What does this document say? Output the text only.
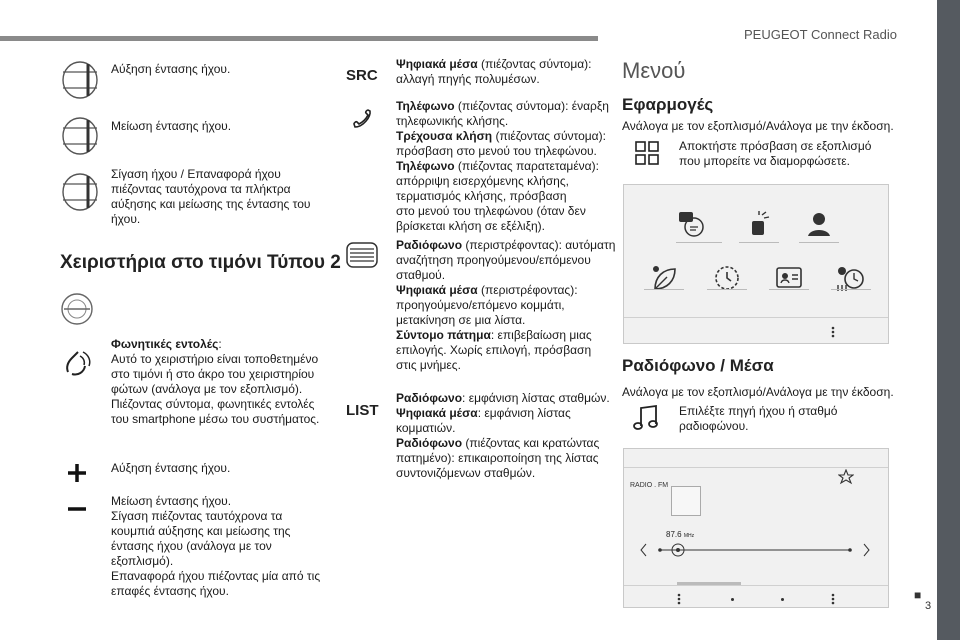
PEUGEOT Connect Radio
Αύξηση έντασης ήχου.
Μείωση έντασης ήχου.
Σίγαση ήχου / Επαναφορά ήχου
πιέζοντας ταυτόχρονα τα πλήκτρα
αύξησης και μείωσης της έντασης του
ήχου.
Χειριστήρια στο τιμόνι Τύπου 2
Φωνητικές εντολές:
Αυτό το χειριστήριο είναι τοποθετημένο
στο τιμόνι ή στο άκρο του χειριστηρίου
φώτων (ανάλογα με τον εξοπλισμό).
Πιέζοντας σύντομα, φωνητικές εντολές
του smartphone μέσω του συστήματος.
Αύξηση έντασης ήχου.
Μείωση έντασης ήχου.
Σίγαση πιέζοντας ταυτόχρονα τα
κουμπιά αύξησης και μείωσης της
έντασης ήχου (ανάλογα με τον
εξοπλισμό).
Επαναφορά ήχου πιέζοντας μία από τις
επαφές έντασης ήχου.
SRC
Ψηφιακά μέσα (πιέζοντας σύντομα):
αλλαγή πηγής πολυμέσων.
Τηλέφωνο (πιέζοντας σύντομα): έναρξη
τηλεφωνικής κλήσης.
Τρέχουσα κλήση (πιέζοντας σύντομα):
πρόσβαση στο μενού του τηλεφώνου.
Τηλέφωνο (πιέζοντας παρατεταμένα):
απόρριψη εισερχόμενης κλήσης,
τερματισμός κλήσης, πρόσβαση
στο μενού του τηλεφώνου (όταν δεν
βρίσκεται κλήση σε εξέλιξη).
Ραδιόφωνο (περιστρέφοντας): αυτόματη
αναζήτηση προηγούμενου/επόμενου
σταθμού.
Ψηφιακά μέσα (περιστρέφοντας):
προηγούμενο/επόμενο κομμάτι,
μετακίνηση σε μια λίστα.
Σύντομο πάτημα: επιβεβαίωση μιας
επιλογής. Χωρίς επιλογή, πρόσβαση
στις μνήμες.
LIST
Ραδιόφωνο: εμφάνιση λίστας σταθμών.
Ψηφιακά μέσα: εμφάνιση λίστας
κομματιών.
Ραδιόφωνο (πιέζοντας και κρατώντας
πατημένο): επικαιροποίηση της λίστας
συντονιζόμενων σταθμών.
Μενού
Εφαρμογές
Ανάλογα με τον εξοπλισμό/Ανάλογα με την έκδοση.
Αποκτήστε πρόσβαση σε εξοπλισμό
που μπορείτε να διαμορφώσετε.
Ραδιόφωνο / Μέσα
Ανάλογα με τον εξοπλισμό/Ανάλογα με την έκδοση.
Επιλέξτε πηγή ήχου ή σταθμό
ραδιοφώνου.
RADIO . FM
87.6 MHz
■
3
